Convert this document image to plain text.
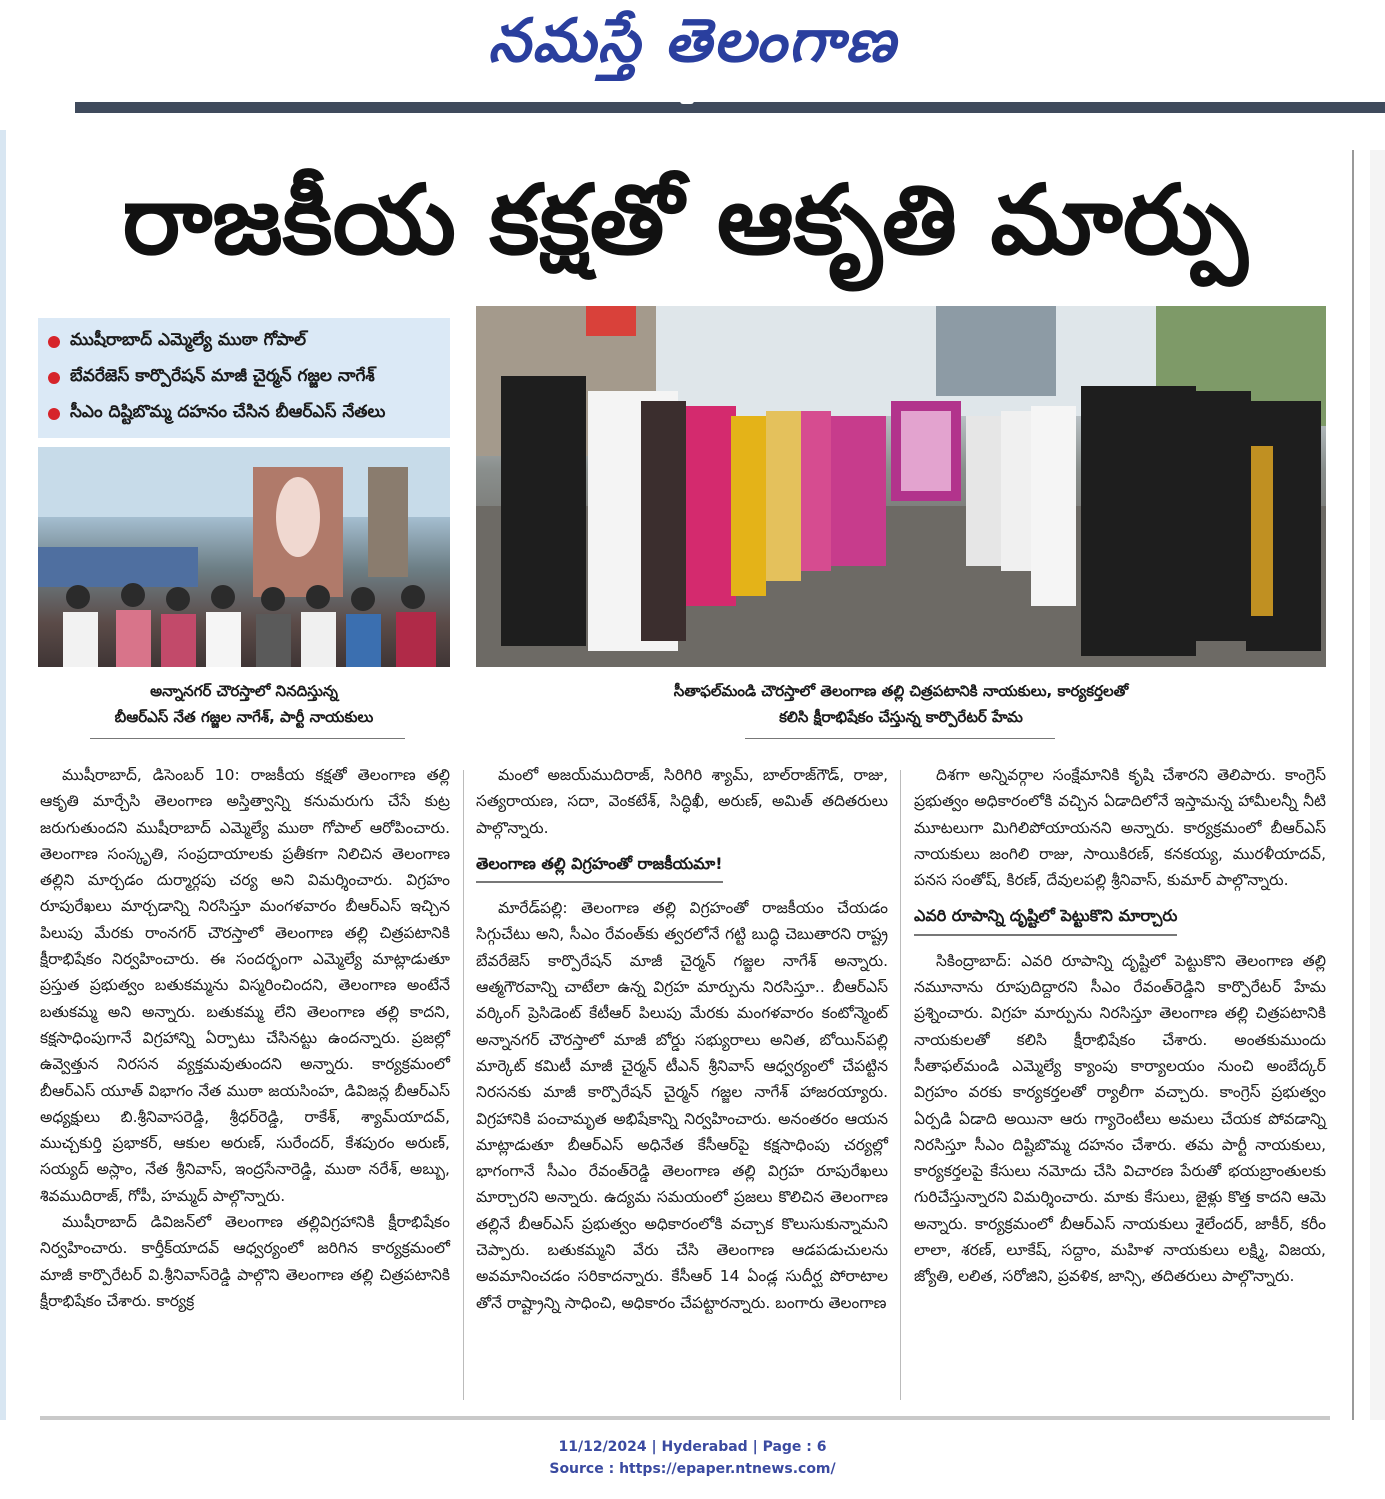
నమస్తే తెలంగాణ
రాజకీయ కక్షతో ఆకృతి మార్పు
ముషీరాబాద్ ఎమ్మెల్యే ముఠా గోపాల్
బేవరేజెస్ కార్పొరేషన్ మాజీ చైర్మన్ గజ్జల నాగేశ్
సీఎం దిష్టిబొమ్మ దహనం చేసిన బీఆర్ఎస్ నేతలు
అన్నానగర్ చౌరస్తాలో నినదిస్తున్న
బీఆర్ఎస్ నేత గజ్జల నాగేశ్, పార్టీ నాయకులు
సీతాఫల్‌మండి చౌరస్తాలో తెలంగాణ తల్లి చిత్రపటానికి నాయకులు, కార్యకర్తలతో
కలిసి క్షీరాభిషేకం చేస్తున్న కార్పొరేటర్ హేమ

ముషీరాబాద్, డిసెంబర్ 10: రాజకీయ కక్షతో తెలంగాణ తల్లి ఆకృతి మార్చేసి తెలంగాణ అస్తిత్వాన్ని కనుమరుగు చేసే కుట్ర జరుగుతుందని ముషీరాబాద్ ఎమ్మెల్యే ముఠా గోపాల్ ఆరోపించారు. తెలంగాణ సంస్కృతి, సంప్రదాయాలకు ప్రతీకగా నిలిచిన తెలంగాణ తల్లిని మార్చడం దుర్మార్గపు చర్య అని విమర్శించారు. విగ్రహం రూపురేఖలు మార్చడాన్ని నిరసిస్తూ మంగళవారం బీఆర్ఎస్ ఇచ్చిన పిలుపు మేరకు రాంనగర్ చౌరస్తాలో తెలంగాణ తల్లి చిత్రపటానికి క్షీరాభిషేకం నిర్వహించారు. ఈ సందర్భంగా ఎమ్మెల్యే మాట్లాడుతూ ప్రస్తుత ప్రభుత్వం బతుకమ్మను విస్మరించిందని, తెలంగాణ అంటేనే బతుకమ్మ అని అన్నారు. బతుకమ్మ లేని తెలంగాణ తల్లి కాదని, కక్షసాధింపుగానే విగ్రహాన్ని ఏర్పాటు చేసినట్టు ఉందన్నారు. ప్రజల్లో ఉవ్వెత్తున నిరసన వ్యక్తమవుతుందని అన్నారు. కార్యక్రమంలో బీఆర్ఎస్ యూత్ విభాగం నేత ముఠా జయసింహ, డివిజన్ల బీఆర్ఎస్ అధ్యక్షులు బి.శ్రీనివాసరెడ్డి, శ్రీధర్‌రెడ్డి, రాకేశ్, శ్యామ్‌యాదవ్, ముచ్చకుర్తి ప్రభాకర్, ఆకుల అరుణ్, సురేందర్, కేశపురం అరుణ్, సయ్యద్ అస్లాం, నేత శ్రీనివాస్, ఇంద్రసేనారెడ్డి, ముఠా నరేశ్, అబ్బు, శివముదిరాజ్, గోపీ, హమ్మద్ పాల్గొన్నారు.

ముషీరాబాద్ డివిజన్‌లో తెలంగాణ తల్లివిగ్రహానికి క్షీరాభిషేకం నిర్వహించారు. కార్తీక్‌యాదవ్ ఆధ్వర్యంలో జరిగిన కార్యక్రమంలో మాజీ కార్పొరేటర్ వి.శ్రీనివాస్‌రెడ్డి పాల్గొని తెలంగాణ తల్లి చిత్రపటానికి క్షీరాభిషేకం చేశారు. కార్యక్ర

మంలో అజయ్‌ముదిరాజ్, సిరిగిరి శ్యామ్, బాల్‌రాజ్‌గౌడ్, రాజు, సత్యరాయణ, సదా, వెంకటేశ్, సిద్ధిఖీ, అరుణ్, అమిత్ తదితరులు పాల్గొన్నారు.

తెలంగాణ తల్లి విగ్రహంతో రాజకీయమా!

మారేడ్‌పల్లి: తెలంగాణ తల్లి విగ్రహంతో రాజకీయం చేయడం సిగ్గుచేటు అని, సీఎం రేవంత్‌కు త్వరలోనే గట్టి బుద్ధి చెబుతారని రాష్ట్ర బేవరేజెస్ కార్పొరేషన్ మాజీ చైర్మన్ గజ్జల నాగేశ్ అన్నారు. ఆత్మగౌరవాన్ని చాటేలా ఉన్న విగ్రహ మార్పును నిరసిస్తూ.. బీఆర్ఎస్ వర్కింగ్ ప్రెసిడెంట్ కేటీఆర్ పిలుపు మేరకు మంగళవారం కంటోన్మెంట్ అన్నానగర్ చౌరస్తాలో మాజీ బోర్డు సభ్యురాలు అనిత, బోయిన్‌పల్లి మార్కెట్ కమిటీ మాజీ చైర్మన్ టీఎన్ శ్రీనివాస్ ఆధ్వర్యంలో చేపట్టిన నిరసనకు మాజీ కార్పొరేషన్ చైర్మన్ గజ్జల నాగేశ్ హాజరయ్యారు. విగ్రహానికి పంచామృత అభిషేకాన్ని నిర్వహించారు. అనంతరం ఆయన మాట్లాడుతూ బీఆర్ఎస్ అధినేత కేసీఆర్‌పై కక్షసాధింపు చర్యల్లో భాగంగానే సీఎం రేవంత్‌రెడ్డి తెలంగాణ తల్లి విగ్రహ రూపురేఖలు మార్చారని అన్నారు. ఉద్యమ సమయంలో ప్రజలు కొలిచిన తెలంగాణ తల్లినే బీఆర్ఎస్ ప్రభుత్వం అధికారంలోకి వచ్చాక కొలుసుకున్నామని చెప్పారు. బతుకమ్మని వేరు చేసి తెలంగాణ ఆడపడుచులను అవమానించడం సరికాదన్నారు. కేసీఆర్ 14 ఏండ్ల సుదీర్ఘ పోరాటాల తోనే రాష్ట్రాన్ని సాధించి, అధికారం చేపట్టారన్నారు. బంగారు తెలంగాణ

దిశగా అన్నివర్గాల సంక్షేమానికి కృషి చేశారని తెలిపారు. కాంగ్రెస్ ప్రభుత్వం అధికారంలోకి వచ్చిన ఏడాదిలోనే ఇస్తామన్న హామీలన్నీ నీటి మూటలుగా మిగిలిపోయాయనని అన్నారు. కార్యక్రమంలో బీఆర్ఎస్ నాయకులు జంగిలి రాజు, సాయికిరణ్, కనకయ్య, మురళీయాదవ్, పనస సంతోష్, కిరణ్, దేవులపల్లి శ్రీనివాస్, కుమార్ పాల్గొన్నారు.

ఎవరి రూపాన్ని దృష్టిలో పెట్టుకొని మార్చారు

సికింద్రాబాద్: ఎవరి రూపాన్ని దృష్టిలో పెట్టుకొని తెలంగాణ తల్లి నమూనాను రూపుదిద్దారని సీఎం రేవంత్‌రెడ్డిని కార్పొరేటర్ హేమ ప్రశ్నించారు. విగ్రహ మార్పును నిరసిస్తూ తెలంగాణ తల్లి చిత్రపటానికి నాయకులతో కలిసి క్షీరాభిషేకం చేశారు. అంతకుముందు సీతాఫల్‌మండి ఎమ్మెల్యే క్యాంపు కార్యాలయం నుంచి అంబేద్కర్ విగ్రహం వరకు కార్యకర్తలతో ర్యాలీగా వచ్చారు. కాంగ్రెస్ ప్రభుత్వం ఏర్పడి ఏడాది అయినా ఆరు గ్యారెంటీలు అమలు చేయక పోవడాన్ని నిరసిస్తూ సీఎం దిష్టిబొమ్మ దహనం చేశారు. తమ పార్టీ నాయకులు, కార్యకర్తలపై కేసులు నమోదు చేసి విచారణ పేరుతో భయబ్రాంతులకు గురిచేస్తున్నారని విమర్శించారు. మాకు కేసులు, జైళ్లు కొత్త కాదని ఆమె అన్నారు. కార్యక్రమంలో బీఆర్ఎస్ నాయకులు శైలేందర్, జాకీర్, కరీం లాలా, శరణ్, లూకేష్, సద్దాం, మహిళ నాయకులు లక్ష్మి, విజయ, జ్యోతి, లలిత, సరోజిని, ప్రవళిక, జాన్సి, తదితరులు పాల్గొన్నారు.

11/12/2024 | Hyderabad | Page : 6
Source : https://epaper.ntnews.com/
